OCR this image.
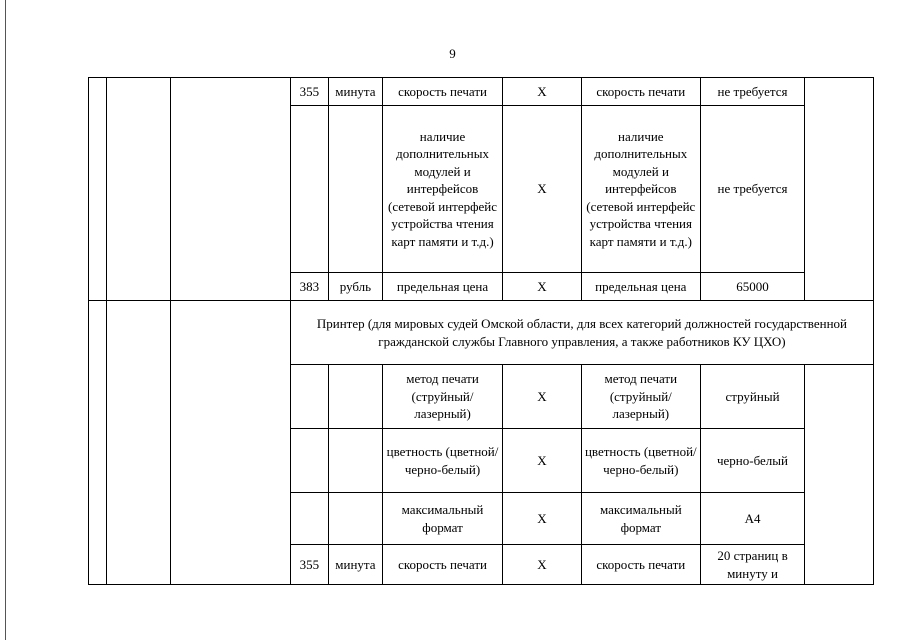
9
			355	минута	скорость печати	X	скорость печати	не требуется	
					наличие дополнительных модулей и интерфейсов (сетевой интерфейс устройства чтения карт памяти и т.д.)	X	наличие дополнительных модулей и интерфейсов (сетевой интерфейс устройства чтения карт памяти и т.д.)	не требуется	
			383	рубль	предельная цена	X	предельная цена	65000	
			Принтер (для мировых судей Омской области, для всех категорий должностей государственной гражданской службы Главного управления, а также работников КУ ЦХО)						
					метод печати (струйный/ лазерный)	X	метод печати (струйный/ лазерный)	струйный	
					цветность (цветной/ черно-белый)	X	цветность (цветной/ черно-белый)	черно-белый	
					максимальный формат	X	максимальный формат	А4	
			355	минута	скорость печати	X	скорость печати	20 страниц в минуту и	
